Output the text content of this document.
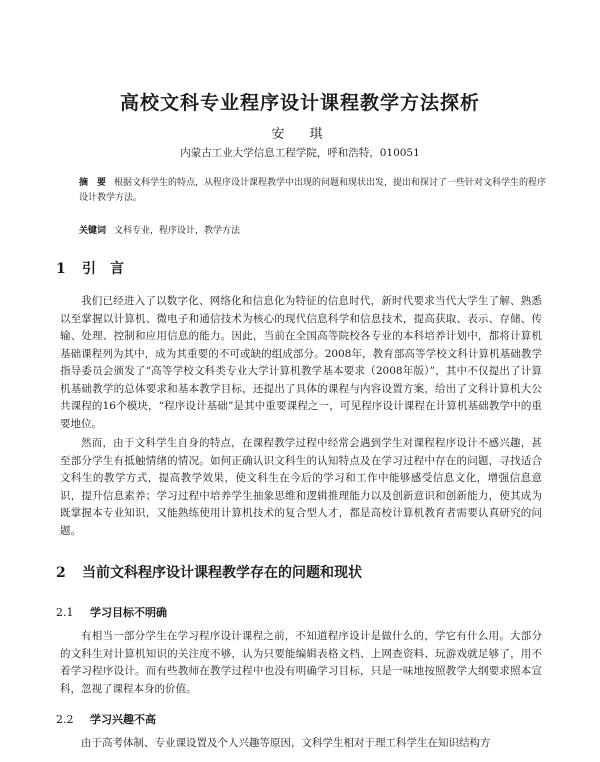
高校文科专业程序设计课程教学方法探析
安　琪
内蒙古工业大学信息工程学院，呼和浩特，010051
摘　要 根据文科学生的特点，从程序设计课程教学中出现的问题和现状出发，提出和探讨了一些针对文科学生的程序设计教学方法。
关键词 文科专业，程序设计，教学方法
1 引　言

我们已经进入了以数字化、网络化和信息化为特征的信息时代，新时代要求当代大学生了解、熟悉以至掌握以计算机、微电子和通信技术为核心的现代信息科学和信息技术，提高获取、表示、存储、传输、处理、控制和应用信息的能力。因此，当前在全国高等院校各专业的本科培养计划中，都将计算机基础课程列为其中，成为其重要的不可或缺的组成部分。2008年，教育部高等学校文科计算机基础教学指导委员会颁发了“高等学校文科类专业大学计算机教学基本要求（2008年版）”，其中不仅提出了计算机基础教学的总体要求和基本教学目标，还提出了具体的课程与内容设置方案，给出了文科计算机大公共课程的16个模块，“程序设计基础”是其中重要课程之一，可见程序设计课程在计算机基础教学中的重要地位。

然而，由于文科学生自身的特点，在课程教学过程中经常会遇到学生对课程程序设计不感兴趣，甚至部分学生有抵触情绪的情况。如何正确认识文科生的认知特点及在学习过程中存在的问题，寻找适合文科生的教学方式，提高教学效果，使文科生在今后的学习和工作中能够感受信息文化，增强信息意识，提升信息素养；学习过程中培养学生抽象思维和逻辑推理能力以及创新意识和创新能力，使其成为既掌握本专业知识，又能熟练使用计算机技术的复合型人才，都是高校计算机教育者需要认真研究的问题。

2 当前文科程序设计课程教学存在的问题和现状
2.1 学习目标不明确

有相当一部分学生在学习程序设计课程之前，不知道程序设计是做什么的，学它有什么用。大部分的文科生对计算机知识的关注度不够，认为只要能编辑表格文档、上网查资料、玩游戏就足够了，用不着学习程序设计。而有些教师在教学过程中也没有明确学习目标，只是一味地按照教学大纲要求照本宣科，忽视了课程本身的价值。

2.2 学习兴趣不高

由于高考体制、专业课设置及个人兴趣等原因，文科学生相对于理工科学生在知识结构方
